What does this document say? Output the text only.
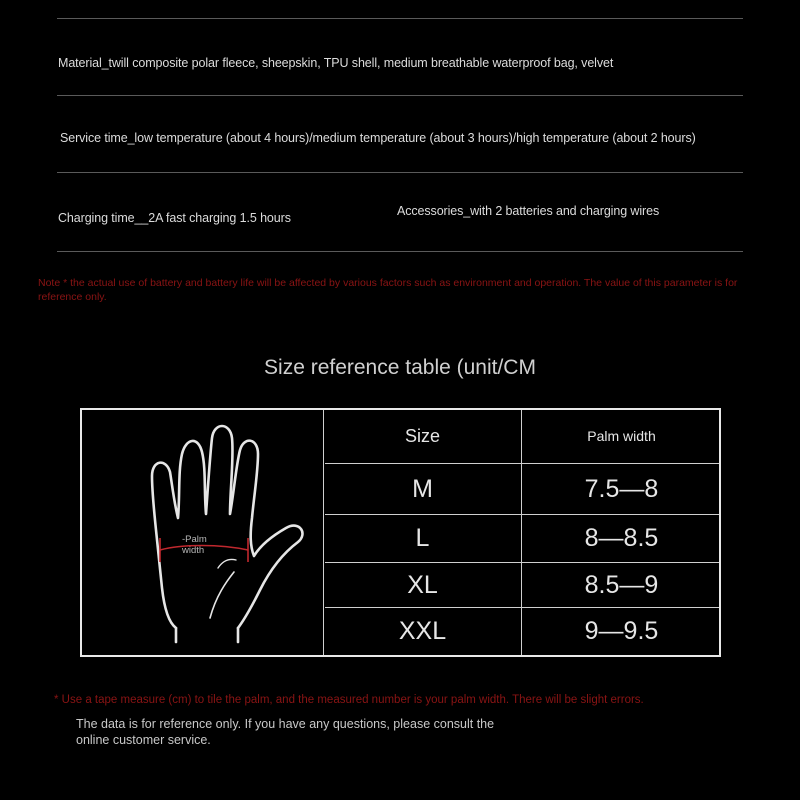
Material_twill composite polar fleece, sheepskin, TPU shell, medium breathable waterproof bag, velvet
Service time_low temperature (about 4 hours)/medium temperature (about 3 hours)/high temperature (about 2 hours)
Charging time__2A fast charging 1.5 hours	Accessories_with 2 batteries and charging wires
Note * the actual use of battery and battery life will be affected by various factors such as environment and operation. The value of this parameter is for reference only.
Size reference table (unit/CM
-Palm width
Size	Palm width
M	7.5—8
L	8—8.5
XL	8.5—9
XXL	9—9.5
* Use a tape measure (cm) to tile the palm, and the measured number is your palm width. There will be slight errors.
The data is for reference only. If you have any questions, please consult the online customer service.
